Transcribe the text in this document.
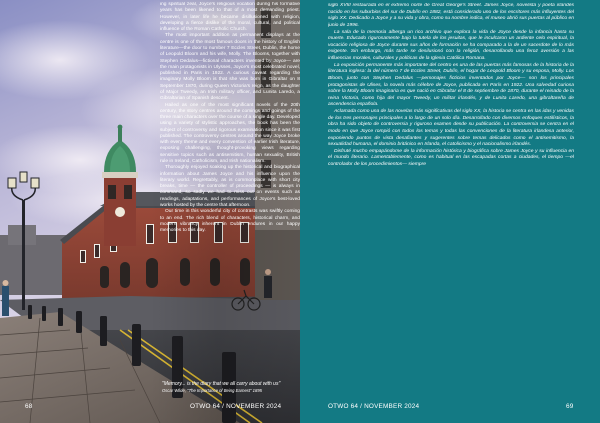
ing spiritual zeal, Joyce's religious vocation during his formative years has been likened to that of a most demanding priest. However, in later life he became disillusioned with religion, developing a fierce dislike of the moral, cultural, and political influence of the Roman Catholic Church.

The most important addition as permanent displays at the centre is one of the most famous doors in the history of English literature—the door to number 7 Eccles Street, Dublin, the home of Leopold Bloom and his wife, Molly. The Blooms, together with Stephen Dedalus—fictional characters invented by Joyce— are the main protagonists in Ulysses, Joyce's most celebrated novel, published in Paris in 1922. A curious caveat regarding the imaginary Molly Bloom is that she was born in Gibraltar on 8 September 1870, during Queen Victoria's reign, as the daughter of Major Tweedy, an Irish military officer, and Lunita Laredo, a Gibraltarian of Spanish descent.

Hailed as one of the most significant novels of the 20th century, the story centres around the comings and goings of the three main characters over the course of a single day. Developed using a variety of stylistic approaches, the book has been the subject of controversy and rigorous examination since it was first published. The controversy centres around the way Joyce broke with every theme and every convention of earlier Irish literature, exposing challenging, thought-provoking views regarding sensitive topics such as antisemitism, human sexuality, British rule in Ireland, Catholicism, and Irish nationalism.

Thoroughly enjoyed soaking up the historical and biographical information about James Joyce and his influence upon the literary world. Regrettably, as is commonplace with short city breaks, time — the controller of proceedings — is always in command, so sadly we had to miss out on events such as readings, adaptations, and performances of Joyce's best-loved works hosted by the centre that afternoon.

Our time in this wonderful city of contrasts was swiftly coming to an end. The rich blend of characters, historical charm, and modern vibrancy inherent in Dublin endures in our happy memories to this day.

"Memory... is the diary that we all carry about with us"
Oscar Wilde, "The Importance of Being Earnest" 1895

siglo XVIII restaurada en el extremo norte de Great George's Street. James Joyce, novelista y poeta irlandés nacido en los suburbios del sur de Dublín en 1882, está considerado uno de los escritores más influyentes del siglo XX. Dedicado a Joyce y a su vida y obra, como su nombre indica, el museo abrió sus puertas al público en junio de 1996.

La sala de la memoria alberga un rico archivo que explora la vida de Joyce desde la infancia hasta su muerte. Educado rigurosamente bajo la tutela de los jesuitas, que le inculcaron un ardiente celo espiritual, la vocación religiosa de Joyce durante sus años de formación se ha comparado a la de un sacerdote de lo más exigente. Sin embargo, más tarde se desilusionó con la religión, desarrollando una feroz aversión a las influencias morales, culturales y políticas de la Iglesia Católica Romana.

La exposición permanente más importante del centro es una de las puertas más famosas de la historia de la literatura inglesa: la del número 7 de Eccles Street, Dublín, el hogar de Leopold Bloom y su esposa, Molly. Los Bloom, junto con Stephen Dedalus —personajes ficticios inventados por Joyce— son los principales protagonistas de Ulises, la novela más célebre de Joyce, publicada en París en 1922. Una salvedad curiosa sobre la Molly Bloom imaginaria es que nació en Gibraltar el 8 de septiembre de 1870, durante el reinado de la reina Victoria, como hija del mayor Tweedy, un militar irlandés, y de Lunita Laredo, una gibraltareña de ascendencia española.

Aclamada como una de las novelas más significativas del siglo XX, la historia se centra en las idas y venidas de los tres personajes principales a lo largo de un solo día. Desarrollado con diversos enfoques estilísticos, la obra ha sido objeto de controversia y riguroso examen desde su publicación. La controversia se centra en el modo en que Joyce rompió con todos los temas y todas las convenciones de la literatura irlandesa anterior, exponiendo puntos de vista desafiantes y sugerentes sobre temas delicados como el antisemitismo, la sexualidad humana, el dominio británico en Irlanda, el catolicismo y el nacionalismo irlandés.

Disfruté mucho empapándome de la información histórica y biográfica sobre James Joyce y su influencia en el mundo literario. Lamentablemente, como es habitual en las escapadas cortas a ciudades, el tiempo —el controlador de los procedimientos— siempre

68	OTWO 64 / NOVEMBER 2024	OTWO 64 / NOVEMBER 2024	69
